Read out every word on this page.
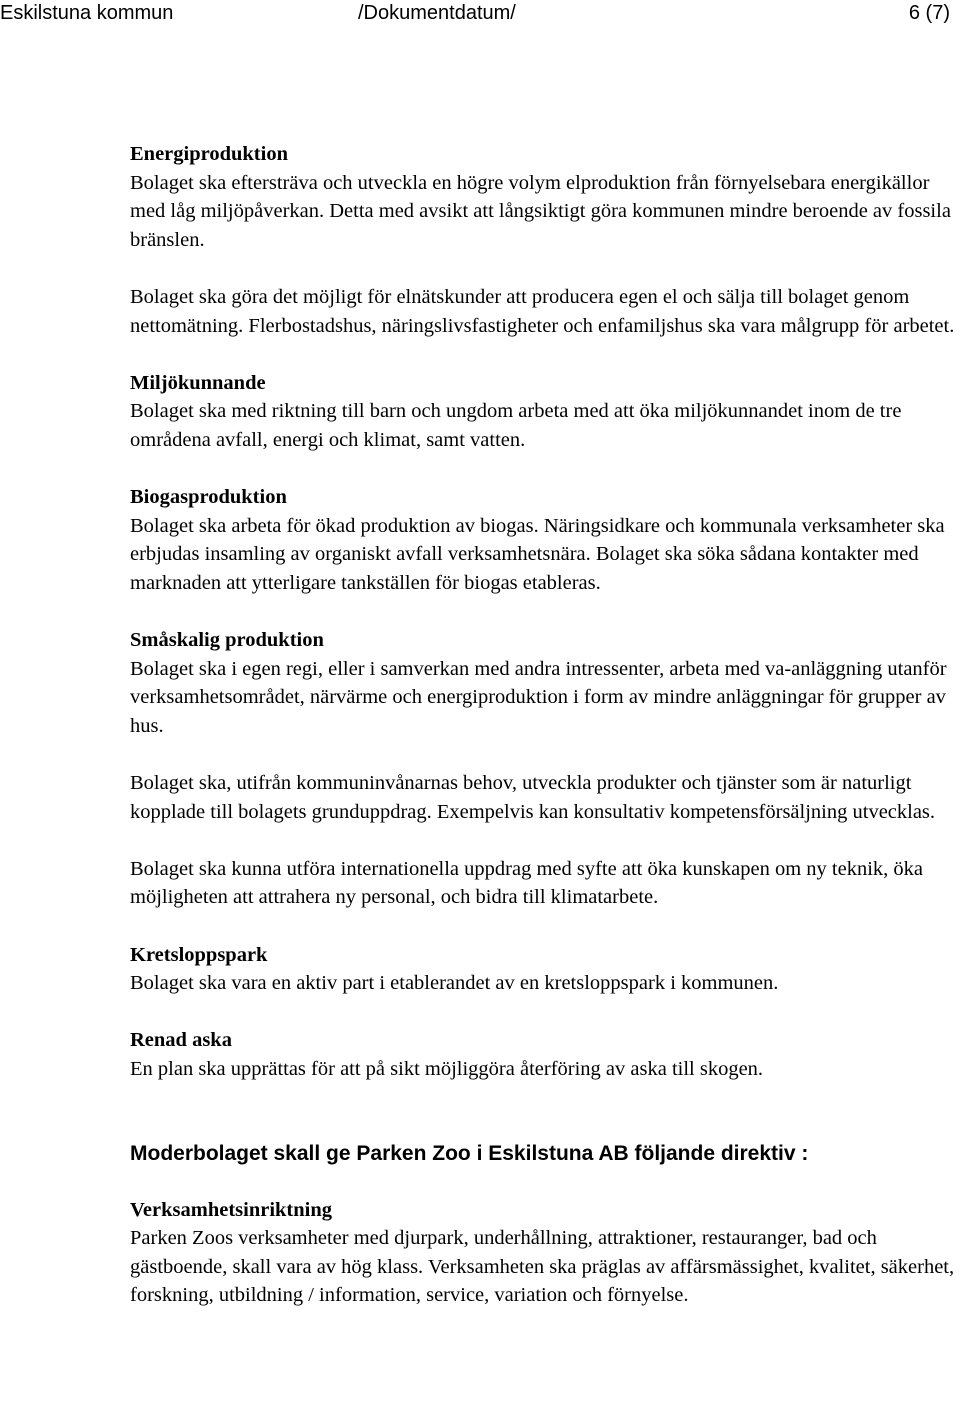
Eskilstuna kommun	/Dokumentdatum/	6 (7)
Energiproduktion

Bolaget ska eftersträva och utveckla en högre volym elproduktion från förnyelsebara energikällor med låg miljöpåverkan. Detta med avsikt att långsiktigt göra kommunen mindre beroende av fossila bränslen.

Bolaget ska göra det möjligt för elnätskunder att producera egen el och sälja till bolaget genom nettomätning. Flerbostadshus, näringslivsfastigheter och enfamiljshus ska vara målgrupp för arbetet.

Miljökunnande

Bolaget ska med riktning till barn och ungdom arbeta med att öka miljökunnandet inom de tre områdena avfall, energi och klimat, samt vatten.

Biogasproduktion

Bolaget ska arbeta för ökad produktion av biogas. Näringsidkare och kommunala verksamheter ska erbjudas insamling av organiskt avfall verksamhetsnära. Bolaget ska söka sådana kontakter med marknaden att ytterligare tankställen för biogas etableras.

Småskalig produktion

Bolaget ska i egen regi, eller i samverkan med andra intressenter, arbeta med va-anläggning utanför verksamhetsområdet, närvärme och energiproduktion i form av mindre anläggningar för grupper av hus.

Bolaget ska, utifrån kommuninvånarnas behov, utveckla produkter och tjänster som är naturligt kopplade till bolagets grunduppdrag. Exempelvis kan konsultativ kompetensförsäljning utvecklas.

Bolaget ska kunna utföra internationella uppdrag med syfte att öka kunskapen om ny teknik, öka möjligheten att attrahera ny personal, och bidra till klimatarbete.

Kretsloppspark

Bolaget ska vara en aktiv part i etablerandet av en kretsloppspark i kommunen.

Renad aska

En plan ska upprättas för att på sikt möjliggöra återföring av aska till skogen.

Moderbolaget skall ge Parken Zoo i Eskilstuna AB följande direktiv :
Verksamhetsinriktning

Parken Zoos verksamheter med djurpark, underhållning, attraktioner, restauranger, bad och gästboende, skall vara av hög klass. Verksamheten ska präglas av affärsmässighet, kvalitet, säkerhet, forskning, utbildning / information, service, variation och förnyelse.
